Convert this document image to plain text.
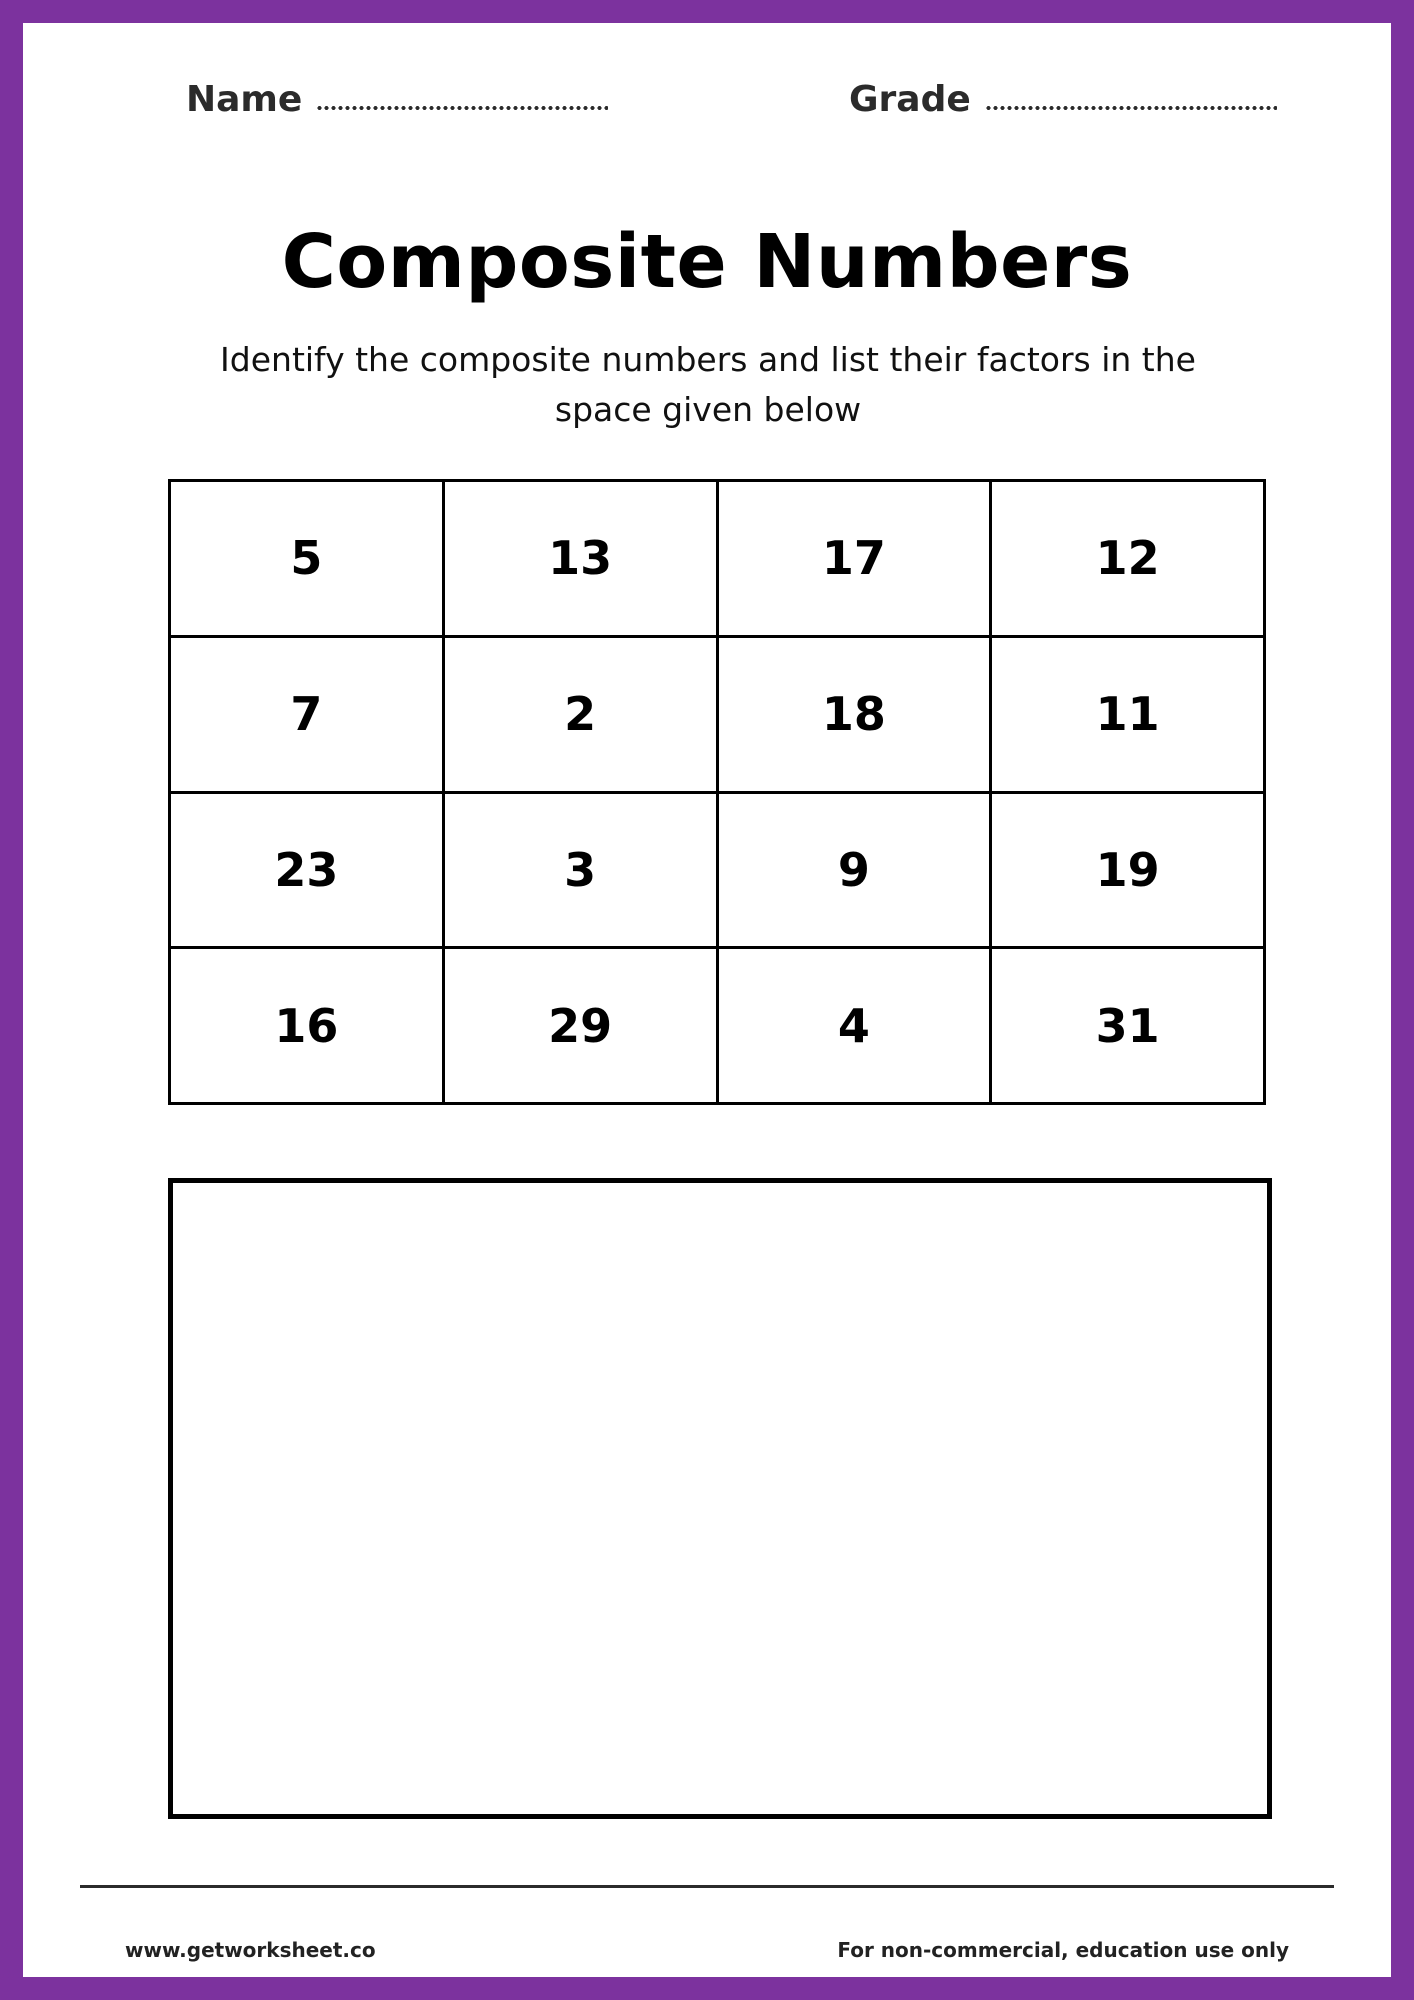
Name	Grade
Composite Numbers

Identify the composite numbers and list their factors in the space given below

5	13	17	12
7	2	18	11
23	3	9	19
16	29	4	31
www.getworksheet.co	For non-commercial, education use only
